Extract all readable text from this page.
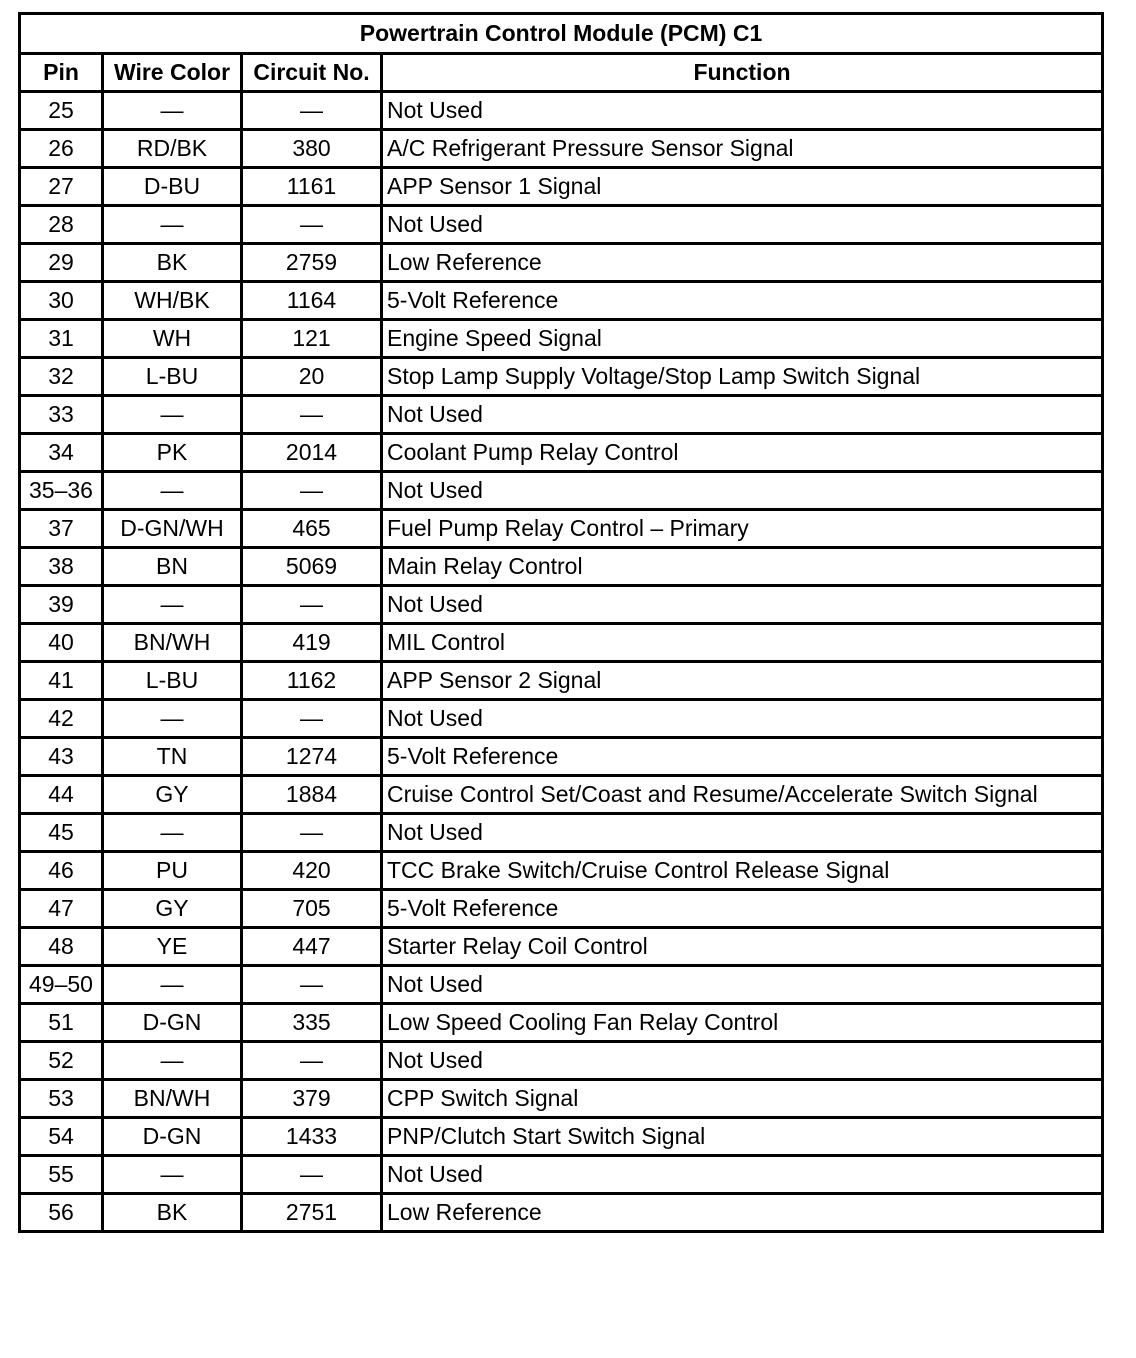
Powertrain Control Module (PCM) C1			
Pin	Wire Color	Circuit No.	Function
25	—	—	Not Used
26	RD/BK	380	A/C Refrigerant Pressure Sensor Signal
27	D-BU	1161	APP Sensor 1 Signal
28	—	—	Not Used
29	BK	2759	Low Reference
30	WH/BK	1164	5-Volt Reference
31	WH	121	Engine Speed Signal
32	L-BU	20	Stop Lamp Supply Voltage/Stop Lamp Switch Signal
33	—	—	Not Used
34	PK	2014	Coolant Pump Relay Control
35–36	—	—	Not Used
37	D-GN/WH	465	Fuel Pump Relay Control – Primary
38	BN	5069	Main Relay Control
39	—	—	Not Used
40	BN/WH	419	MIL Control
41	L-BU	1162	APP Sensor 2 Signal
42	—	—	Not Used
43	TN	1274	5-Volt Reference
44	GY	1884	Cruise Control Set/Coast and Resume/Accelerate Switch Signal
45	—	—	Not Used
46	PU	420	TCC Brake Switch/Cruise Control Release Signal
47	GY	705	5-Volt Reference
48	YE	447	Starter Relay Coil Control
49–50	—	—	Not Used
51	D-GN	335	Low Speed Cooling Fan Relay Control
52	—	—	Not Used
53	BN/WH	379	CPP Switch Signal
54	D-GN	1433	PNP/Clutch Start Switch Signal
55	—	—	Not Used
56	BK	2751	Low Reference
